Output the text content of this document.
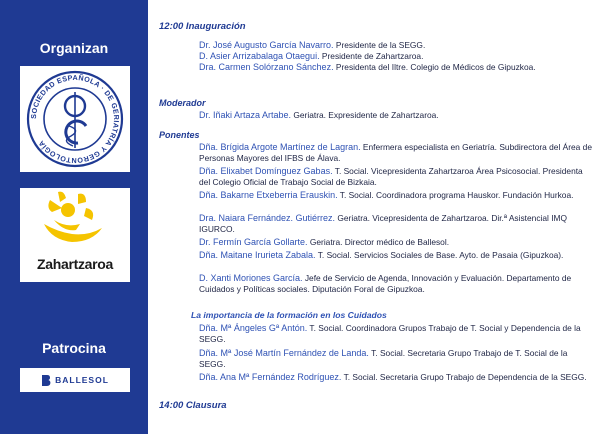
Organizan
SOCIEDAD ESPAÑOLA · DE GERIATRÍA Y GERONTOLOGÍA
Zahartzaroa
Patrocina
BALLESOL
12:00 Inauguración
Dr. José Augusto García Navarro. Presidente de la SEGG.
D. Asier Arrizabalaga Otaegui. Presidente de Zahartzaroa.
Dra. Carmen Solórzano Sánchez. Presidenta del Iltre. Colegio de Médicos de Gipuzkoa.
Moderador
Dr. Iñaki Artaza Artabe. Geriatra. Expresidente de Zahartzaroa.
Ponentes
Dña. Brígida Argote Martínez de Lagran. Enfermera especialista en Geriatría. Subdirectora del Área de Personas Mayores del IFBS de Álava.
Dña. Elixabet Domínguez Gabas. T. Social. Vicepresidenta Zahartzaroa Área Psicosocial. Presidenta del Colegio Oficial de Trabajo Social de Bizkaia.
Dña. Bakarne Etxeberria Erauskin. T. Social. Coordinadora programa Hauskor. Fundación Hurkoa.
Dra. Naiara Fernández. Gutiérrez. Geriatra. Vicepresidenta de Zahartzaroa. Dir.ª Asistencial IMQ IGURCO.
Dr. Fermín García Gollarte. Geriatra. Director médico de Ballesol.
Dña. Maitane Irurieta Zabala. T. Social. Servicios Sociales de Base. Ayto. de Pasaia (Gipuzkoa).
D. Xanti Moriones García. Jefe de Servicio de Agenda, Innovación y Evaluación. Departamento de Cuidados y Políticas sociales. Diputación Foral de Gipuzkoa.
La importancia de la formación en los Cuidados
Dña. Mª Ángeles Gª Antón. T. Social. Coordinadora Grupos Trabajo de T. Social y Dependencia de la SEGG.
Dña. Mª José Martín Fernández de Landa. T. Social. Secretaria Grupo Trabajo de T. Social de la SEGG.
Dña. Ana Mª Fernández Rodríguez. T. Social. Secretaria Grupo Trabajo de Dependencia de la SEGG.
14:00 Clausura
